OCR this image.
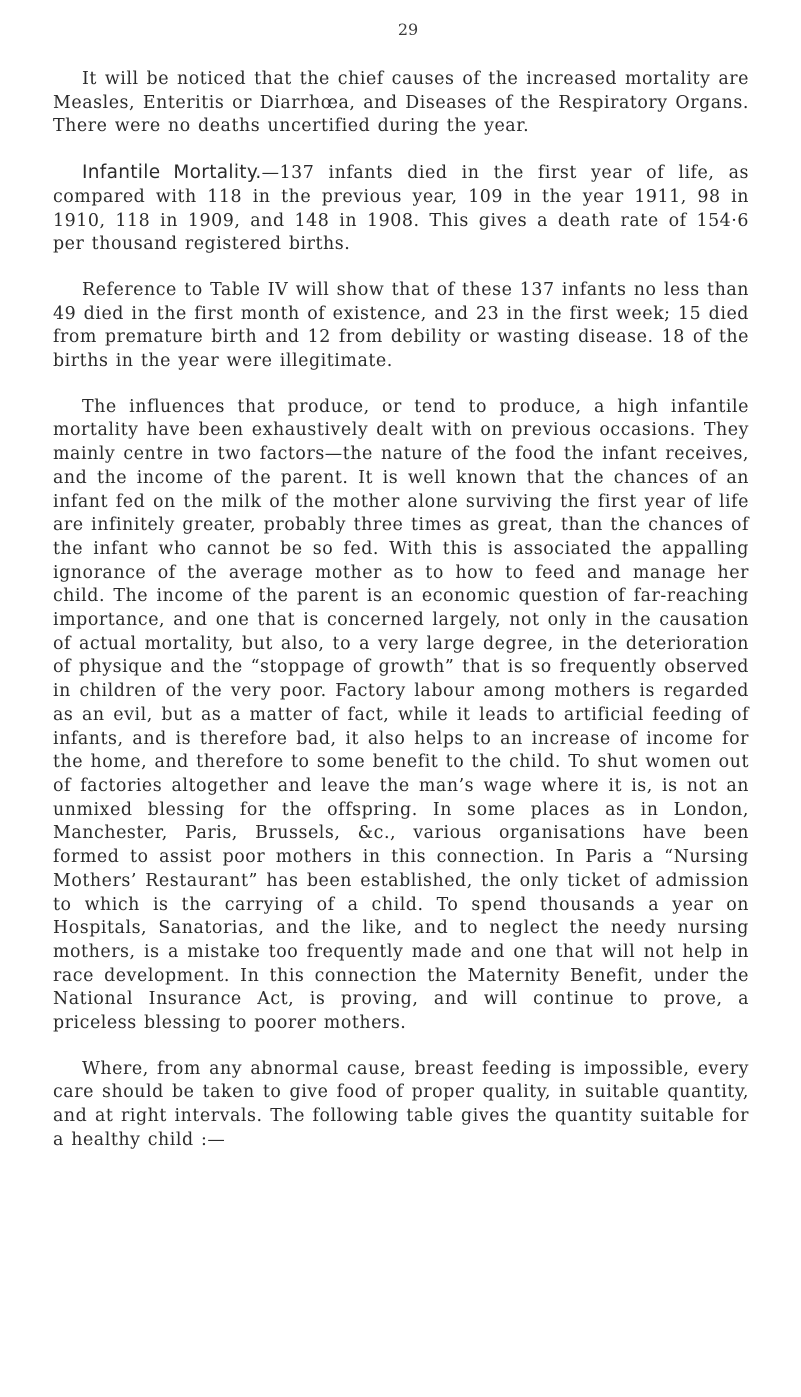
29

It will be noticed that the chief causes of the increased mortality are Measles, Enteritis or Diarrhœa, and Diseases of the Respiratory Organs. There were no deaths uncertified during the year.

Infantile Mortality.—137 infants died in the first year of life, as compared with 118 in the previous year, 109 in the year 1911, 98 in 1910, 118 in 1909, and 148 in 1908. This gives a death rate of 154·6 per thousand registered births.

Reference to Table IV will show that of these 137 infants no less than 49 died in the first month of existence, and 23 in the first week; 15 died from premature birth and 12 from debility or wasting disease. 18 of the births in the year were illegitimate.

The influences that produce, or tend to produce, a high infantile mortality have been exhaustively dealt with on previous occasions. They mainly centre in two factors—the nature of the food the infant receives, and the income of the parent. It is well known that the chances of an infant fed on the milk of the mother alone surviving the first year of life are infinitely greater, probably three times as great, than the chances of the infant who cannot be so fed. With this is associated the appalling ignorance of the average mother as to how to feed and manage her child. The income of the parent is an economic question of far-reaching importance, and one that is concerned largely, not only in the causation of actual mortality, but also, to a very large degree, in the deterioration of physique and the “stoppage of growth” that is so frequently observed in children of the very poor. Factory labour among mothers is regarded as an evil, but as a matter of fact, while it leads to artificial feeding of infants, and is therefore bad, it also helps to an increase of income for the home, and therefore to some benefit to the child. To shut women out of factories altogether and leave the man’s wage where it is, is not an unmixed blessing for the offspring. In some places as in London, Manchester, Paris, Brussels, &c., various organisations have been formed to assist poor mothers in this connection. In Paris a “Nursing Mothers’ Restaurant” has been established, the only ticket of admission to which is the carrying of a child. To spend thousands a year on Hospitals, Sanatorias, and the like, and to neglect the needy nursing mothers, is a mistake too frequently made and one that will not help in race development. In this connection the Maternity Benefit, under the National Insurance Act, is proving, and will continue to prove, a priceless blessing to poorer mothers.

Where, from any abnormal cause, breast feeding is impossible, every care should be taken to give food of proper quality, in suitable quantity, and at right intervals. The following table gives the quantity suitable for a healthy child :—
